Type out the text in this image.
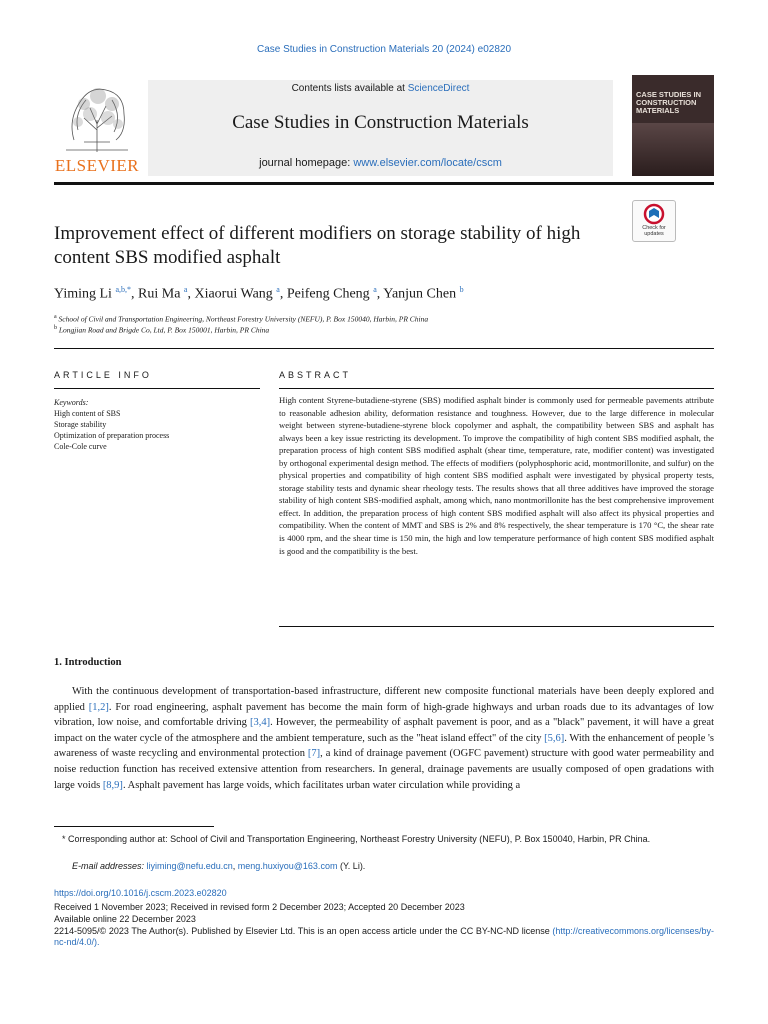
Case Studies in Construction Materials 20 (2024) e02820
ELSEVIER
Contents lists available at ScienceDirect
Case Studies in Construction Materials
journal homepage: www.elsevier.com/locate/cscm
CASE STUDIES IN CONSTRUCTION MATERIALS
Improvement effect of different modifiers on storage stability of high content SBS modified asphalt
Check for updates
Yiming Li $^{a,b,*}$, Rui Ma $^a$, Xiaorui Wang $^a$, Peifeng Cheng $^a$, Yanjun Chen $^b$
$^a$ School of Civil and Transportation Engineering, Northeast Forestry University (NEFU), P. Box 150040, Harbin, PR China
$^b$ Longjian Road and Brigde Co, Ltd, P. Box 150001, Harbin, PR China
ARTICLE INFO	ABSTRACT
Keywords:
High content of SBS
Storage stability
Optimization of preparation process
Cole-Cole curve
High content Styrene-butadiene-styrene (SBS) modified asphalt binder is commonly used for permeable pavements attribute to reasonable adhesion ability, deformation resistance and toughness. However, due to the large difference in molecular weight between styrene-butadiene-styrene block copolymer and asphalt, the compatibility between SBS and asphalt has always been a key issue restricting its development. To improve the compatibility of high content SBS modified asphalt, the preparation process of high content SBS modified asphalt (shear time, temperature, rate, modifier content) was investigated by orthogonal experimental design method. The effects of modifiers (polyphosphoric acid, montmorillonite, and sulfur) on the physical properties and compatibility of high content SBS modified asphalt were investigated by physical property tests, storage stability tests and dynamic shear rheology tests. The results shows that all three additives have improved the storage stability of high content SBS-modified asphalt, among which, nano montmorillonite has the best comprehensive improvement effect. In addition, the preparation process of high content SBS modified asphalt will also affect its physical properties and compatibility. When the content of MMT and SBS is 2% and 8% respectively, the shear temperature is 170 °C, the shear rate is 4000 rpm, and the shear time is 150 min, the high and low temperature performance of high content SBS modified asphalt is good and the compatibility is the best.
1. Introduction
With the continuous development of transportation-based infrastructure, different new composite functional materials have been deeply explored and applied [1,2]. For road engineering, asphalt pavement has become the main form of high-grade highways and urban roads due to its advantages of low vibration, low noise, and comfortable driving [3,4]. However, the permeability of asphalt pavement is poor, and as a "black" pavement, it will have a great impact on the water cycle of the atmosphere and the ambient temperature, such as the "heat island effect" of the city [5,6]. With the enhancement of people 's awareness of waste recycling and environmental protection [7], a kind of drainage pavement (OGFC pavement) structure with good water permeability and noise reduction function has received extensive attention from researchers. In general, drainage pavements are usually composed of open gradations with large voids [8,9]. Asphalt pavement has large voids, which facilitates urban water circulation while providing a
* Corresponding author at: School of Civil and Transportation Engineering, Northeast Forestry University (NEFU), P. Box 150040, Harbin, PR China.
E-mail addresses: liyiming@nefu.edu.cn, meng.huxiyou@163.com (Y. Li).
https://doi.org/10.1016/j.cscm.2023.e02820
Received 1 November 2023; Received in revised form 2 December 2023; Accepted 20 December 2023
Available online 22 December 2023
2214-5095/© 2023 The Author(s). Published by Elsevier Ltd. This is an open access article under the CC BY-NC-ND license (http://creativecommons.org/licenses/by-nc-nd/4.0/).
